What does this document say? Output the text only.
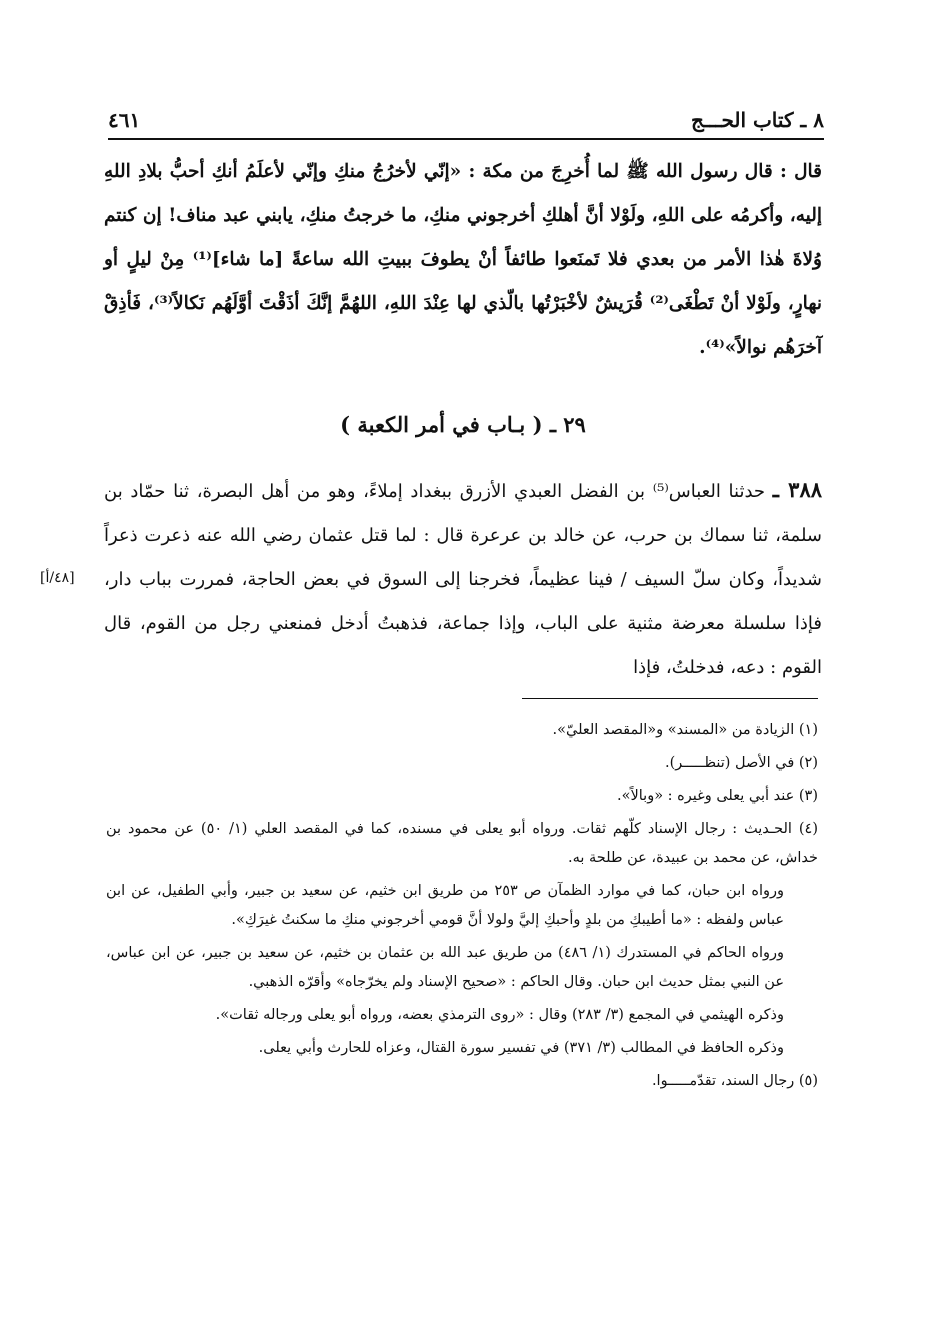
٨ ـ كتاب الحـــج
٤٦١
قال : قال رسول الله ﷺ لما أُخرِجَ من مكة : «إنّي لأخرُجُ منكِ وإنّي لأعلَمُ أنكِ أحبُّ بلادِ اللهِ إليه، وأكرمُه على اللهِ، ولَوْلا أنَّ أهلكِ أخرجوني منكِ، ما خرجتُ منكِ، يابني عبد مناف! إن كنتم وُلاةَ هٰذا الأمر من بعدي فلا تَمنَعوا طائفاً أنْ يطوفَ ببيتِ الله ساعةً [ما شاء]⁽¹⁾ مِنْ ليلٍ أو نهارٍ، ولَوْلا أنْ تَطْغَى⁽²⁾ قُرَيشٌ لأخْبَرْتُها بالّذي لها عِنْدَ اللهِ، اللهُمَّ إنَّكَ أذَقْتَ أوَّلَهُم نَكالاً⁽³⁾، فَأذِقْ آخرَهُم نوالاً»⁽⁴⁾.
٢٩ ـ ( بـاب في أمر الكعبة )
٣٨٨ ـ حدثنا العباس⁽⁵⁾ بن الفضل العبدي الأزرق ببغداد إملاءً، وهو من أهل البصرة، ثنا حمّاد بن سلمة، ثنا سماك بن حرب، عن خالد بن عرعرة قال : لما قتل عثمان رضي الله عنه ذعرت ذعراً شديداً، وكان سلّ السيف / فينا عظيماً، فخرجنا إلى السوق في بعض الحاجة، فمررت بباب دار، فإذا سلسلة معرضة مثنية على الباب، وإذا جماعة، فذهبتُ أدخل فمنعني رجل من القوم، قال القوم : دعه، فدخلتُ، فإذا
[٤٨/أ]
(١) الزيادة من «المسند» و«المقصد العليّ».
(٢) في الأصل (تنظـــــر).
(٣) عند أبي يعلى وغيره : «وبالاً».
(٤) الحـديث : رجال الإسناد كلّهم ثقات. ورواه أبو يعلى في مسنده، كما في المقصد العلي (١/ ٥٠) عن محمود بن خداش، عن محمد بن عبيدة، عن طلحة به.
ورواه ابن حبان، كما في موارد الظمآن ص ٢٥٣ من طريق ابن خثيم، عن سعيد بن جبير، وأبي الطفيل، عن ابن عباس ولفظه : «ما أطيبكِ من بلدٍ وأحبكِ إليَّ ولولا أنَّ قومي أخرجوني منكِ ما سكنتُ غيرَكِ».
ورواه الحاكم في المستدرك (١/ ٤٨٦) من طريق عبد الله بن عثمان بن خثيم، عن سعيد بن جبير، عن ابن عباس، عن النبي بمثل حديث ابن حبان. وقال الحاكم : «صحيح الإسناد ولم يخرّجاه» وأقرّه الذهبي.
وذكره الهيثمي في المجمع (٣/ ٢٨٣) وقال : «روى الترمذي بعضه، ورواه أبو يعلى ورجاله ثقات».
وذكره الحافظ في المطالب (٣/ ٣٧١) في تفسير سورة القتال، وعزاه للحارث وأبي يعلى.
(٥) رجال السند، تقدّمـــــوا.
